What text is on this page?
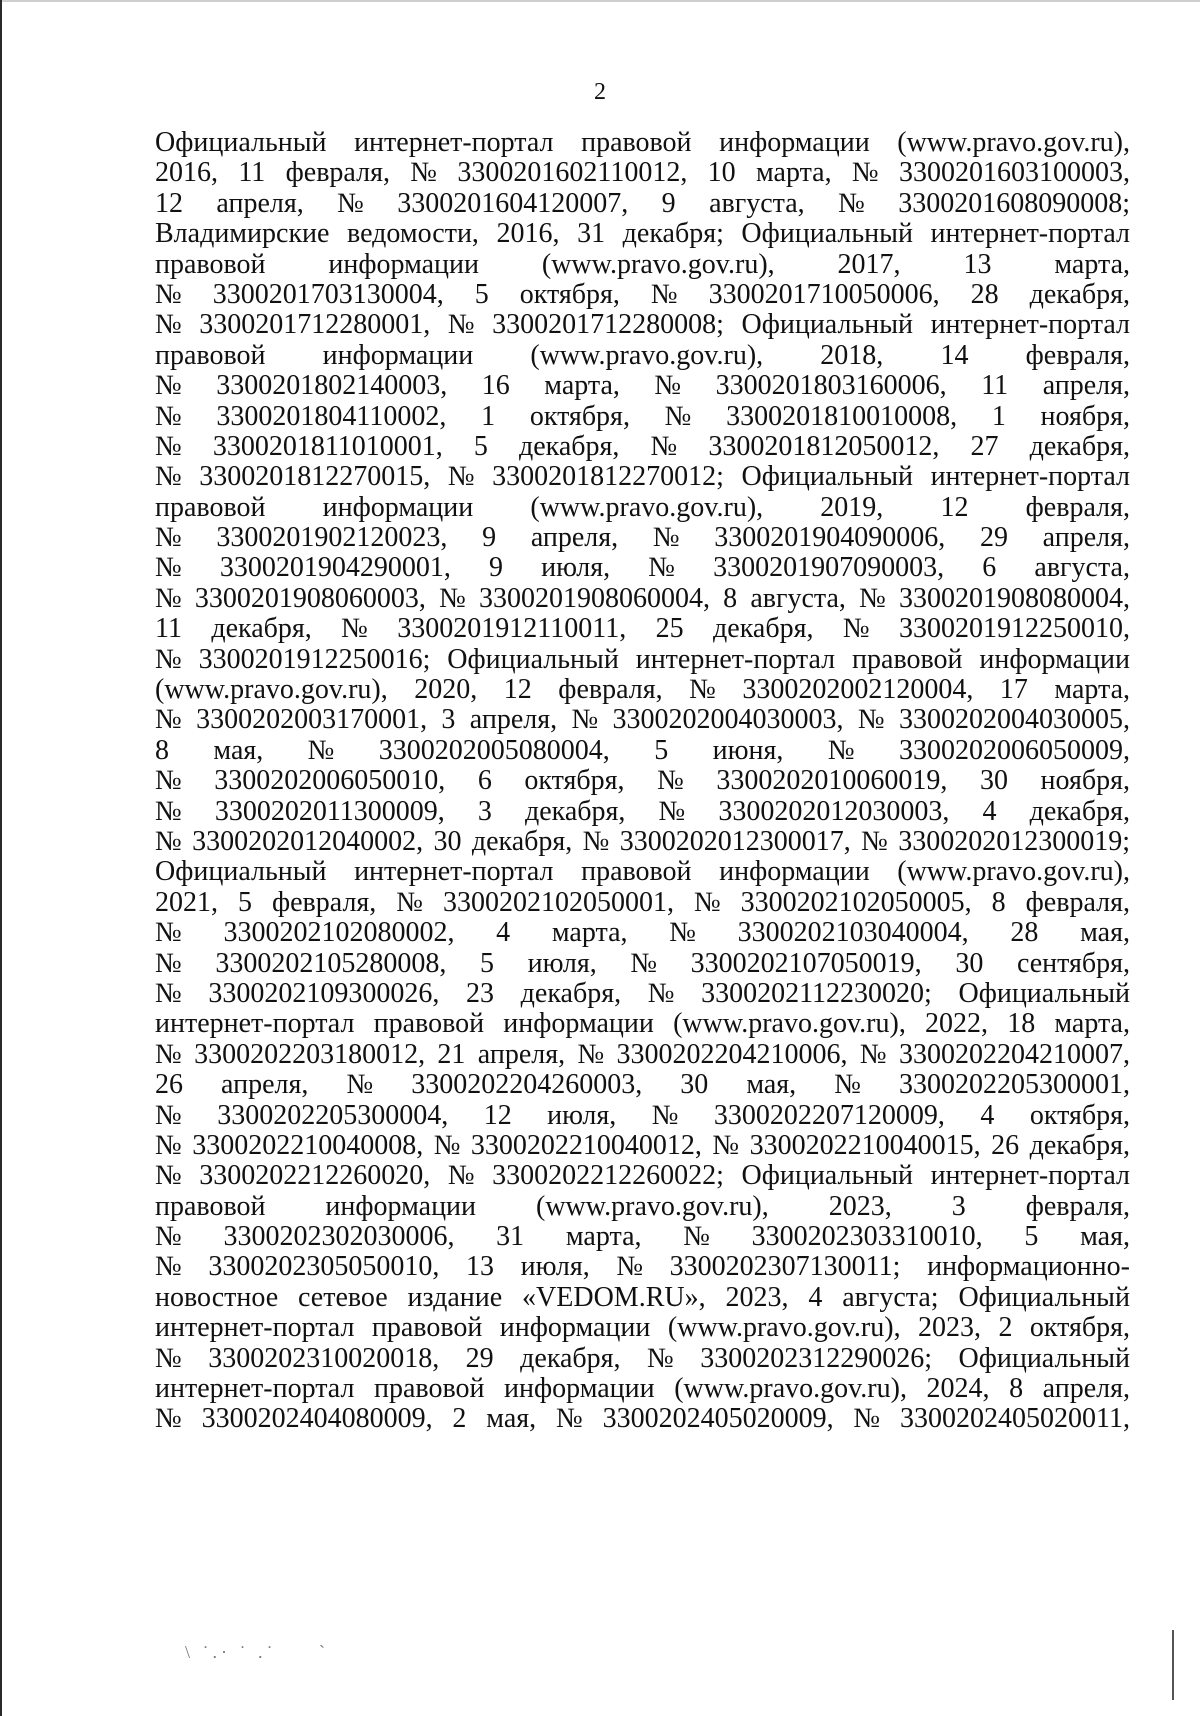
2
Официальный интернет-портал правовой информации (www.pravo.gov.ru),
2016, 11 февраля, № 3300201602110012, 10 марта, № 3300201603100003,
12 апреля, № 3300201604120007, 9 августа, № 3300201608090008;
Владимирские ведомости, 2016, 31 декабря; Официальный интернет-портал
правовой информации (www.pravo.gov.ru), 2017, 13 марта,
№ 3300201703130004, 5 октября, № 3300201710050006, 28 декабря,
№ 3300201712280001, № 3300201712280008; Официальный интернет-портал
правовой информации (www.pravo.gov.ru), 2018, 14 февраля,
№ 3300201802140003, 16 марта, № 3300201803160006, 11 апреля,
№ 3300201804110002, 1 октября, № 3300201810010008, 1 ноября,
№ 3300201811010001, 5 декабря, № 3300201812050012, 27 декабря,
№ 3300201812270015, № 3300201812270012; Официальный интернет-портал
правовой информации (www.pravo.gov.ru), 2019, 12 февраля,
№ 3300201902120023, 9 апреля, № 3300201904090006, 29 апреля,
№ 3300201904290001, 9 июля, № 3300201907090003, 6 августа,
№ 3300201908060003, № 3300201908060004, 8 августа, № 3300201908080004,
11 декабря, № 3300201912110011, 25 декабря, № 3300201912250010,
№ 3300201912250016; Официальный интернет-портал правовой информации
(www.pravo.gov.ru), 2020, 12 февраля, № 3300202002120004, 17 марта,
№ 3300202003170001, 3 апреля, № 3300202004030003, № 3300202004030005,
8 мая, № 3300202005080004, 5 июня, № 3300202006050009,
№ 3300202006050010, 6 октября, № 3300202010060019, 30 ноября,
№ 3300202011300009, 3 декабря, № 3300202012030003, 4 декабря,
№ 3300202012040002, 30 декабря, № 3300202012300017, № 3300202012300019;
Официальный интернет-портал правовой информации (www.pravo.gov.ru),
2021, 5 февраля, № 3300202102050001, № 3300202102050005, 8 февраля,
№ 3300202102080002, 4 марта, № 3300202103040004, 28 мая,
№ 3300202105280008, 5 июля, № 3300202107050019, 30 сентября,
№ 3300202109300026, 23 декабря, № 3300202112230020; Официальный
интернет-портал правовой информации (www.pravo.gov.ru), 2022, 18 марта,
№ 3300202203180012, 21 апреля, № 3300202204210006, № 3300202204210007,
26 апреля, № 3300202204260003, 30 мая, № 3300202205300001,
№ 3300202205300004, 12 июля, № 3300202207120009, 4 октября,
№ 3300202210040008, № 3300202210040012, № 3300202210040015, 26 декабря,
№ 3300202212260020, № 3300202212260022; Официальный интернет-портал
правовой информации (www.pravo.gov.ru), 2023, 3 февраля,
№ 3300202302030006, 31 марта, № 3300202303310010, 5 мая,
№ 3300202305050010, 13 июля, № 3300202307130011; информационно-
новостное сетевое издание «VEDOM.RU», 2023, 4 августа; Официальный
интернет-портал правовой информации (www.pravo.gov.ru), 2023, 2 октября,
№ 3300202310020018, 29 декабря, № 3300202312290026; Официальный
интернет-портал правовой информации (www.pravo.gov.ru), 2024, 8 апреля,
№ 3300202404080009, 2 мая, № 3300202405020009, № 3300202405020011,
\ ˙.· ˙ .˙     ˋ
